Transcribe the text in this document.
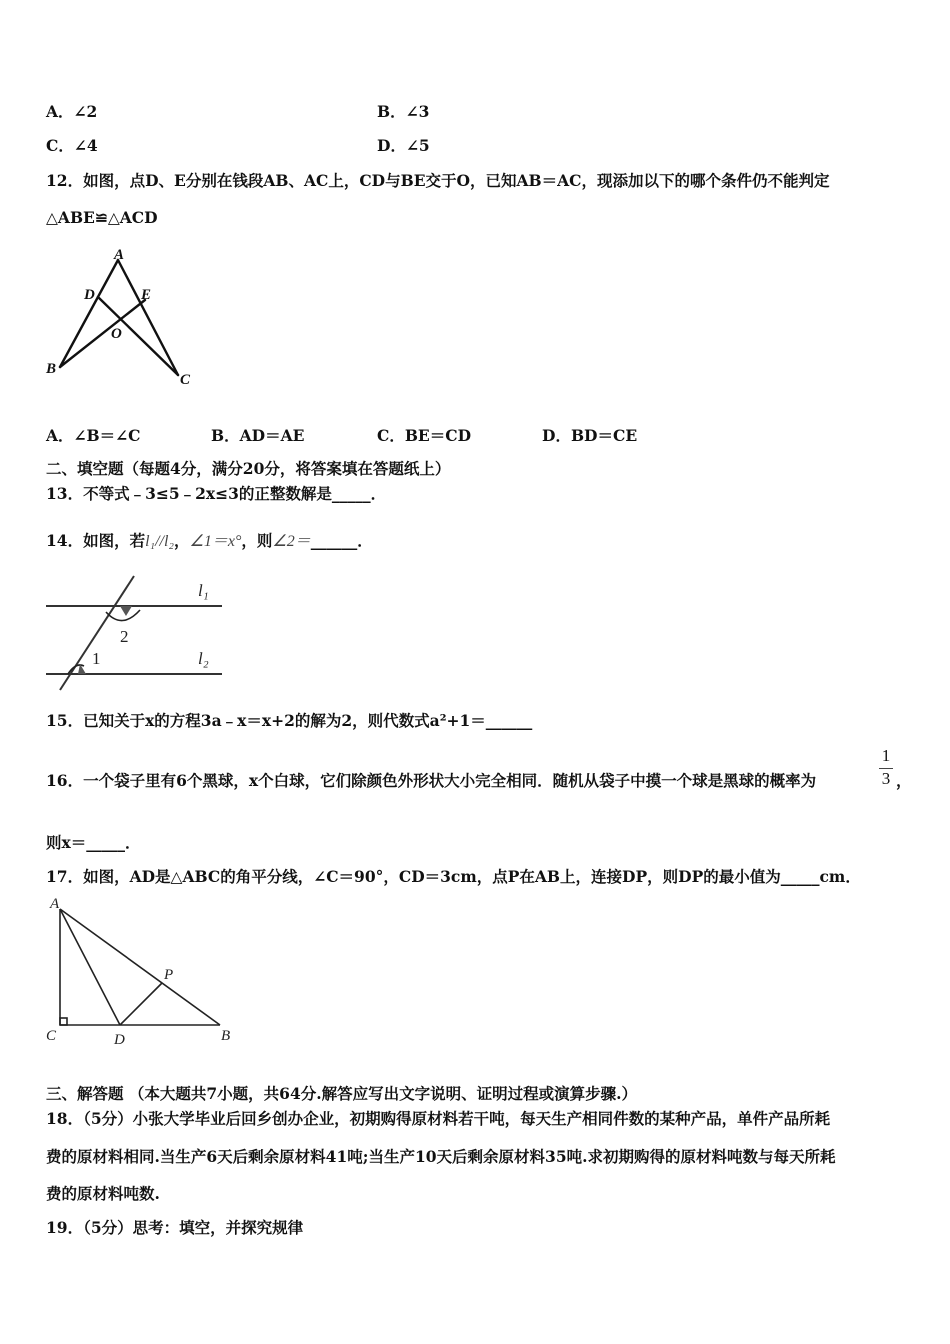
A．∠2	B．∠3
C．∠4	D．∠5
12．如图，点D、E分别在钱段AB、AC上，CD与BE交于O，已知AB＝AC，现添加以下的哪个条件仍不能判定
△ABE≌△ACD
A
D	E
O
B
C
A．∠B＝∠C	B．AD＝AE	C．BE＝CD	D．BD＝CE
二、填空题（每题4分，满分20分，将答案填在答题纸上）
13．不等式﹣3≤5﹣2x≤3的正整数解是_____．
14．如图，若l₁//l₂，∠1＝x°，则∠2＝______．
l₁
2
1	l₂
15．已知关于x的方程3a﹣x＝x+2的解为2，则代数式a²+1＝______
16．一个袋子里有6个黑球，x个白球，它们除颜色外形状大小完全相同．随机从袋子中摸一个球是黑球的概率为
1
3 ，
则x＝_____．
17．如图，AD是△ABC的角平分线，∠C＝90°，CD＝3cm，点P在AB上，连接DP，则DP的最小值为_____cm．
A
P
C	D	B
三、解答题 （本大题共7小题，共64分.解答应写出文字说明、证明过程或演算步骤.）
18．（5分）小张大学毕业后回乡创办企业，初期购得原材料若干吨，每天生产相同件数的某种产品，单件产品所耗
费的原材料相同.当生产6天后剩余原材料41吨;当生产10天后剩余原材料35吨.求初期购得的原材料吨数与每天所耗
费的原材料吨数.
19．（5分）思考：填空，并探究规律
